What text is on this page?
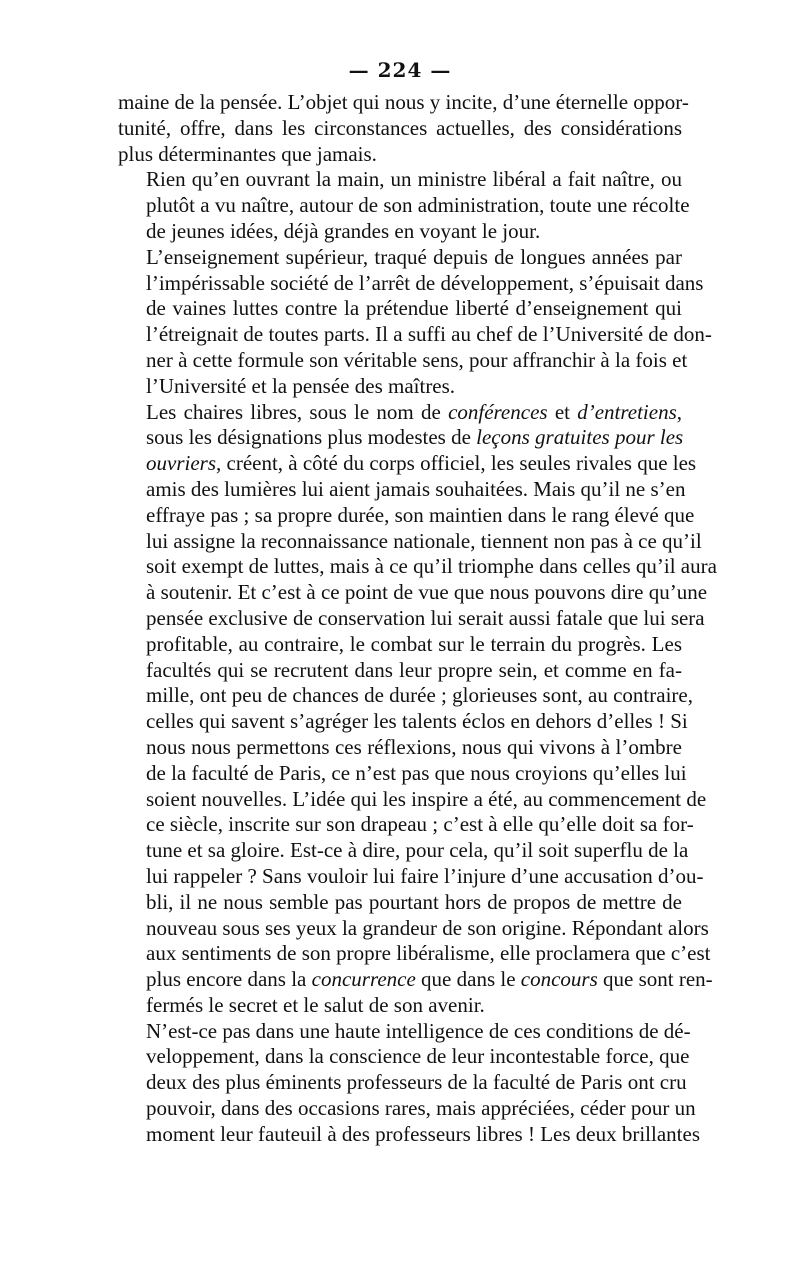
— 224 —

maine de la pensée. L’objet qui nous y incite, d’une éternelle oppor-
tunité, offre, dans les circonstances actuelles, des considérations
plus déterminantes que jamais.

Rien qu’en ouvrant la main, un ministre libéral a fait naître, ou
plutôt a vu naître, autour de son administration, toute une récolte
de jeunes idées, déjà grandes en voyant le jour.

L’enseignement supérieur, traqué depuis de longues années par
l’impérissable société de l’arrêt de développement, s’épuisait dans
de vaines luttes contre la prétendue liberté d’enseignement qui
l’étreignait de toutes parts. Il a suffi au chef de l’Université de don-
ner à cette formule son véritable sens, pour affranchir à la fois et
l’Université et la pensée des maîtres.

Les chaires libres, sous le nom de conférences et d’entretiens,
sous les désignations plus modestes de leçons gratuites pour les
ouvriers, créent, à côté du corps officiel, les seules rivales que les
amis des lumières lui aient jamais souhaitées. Mais qu’il ne s’en
effraye pas ; sa propre durée, son maintien dans le rang élevé que
lui assigne la reconnaissance nationale, tiennent non pas à ce qu’il
soit exempt de luttes, mais à ce qu’il triomphe dans celles qu’il aura
à soutenir. Et c’est à ce point de vue que nous pouvons dire qu’une
pensée exclusive de conservation lui serait aussi fatale que lui sera
profitable, au contraire, le combat sur le terrain du progrès. Les
facultés qui se recrutent dans leur propre sein, et comme en fa-
mille, ont peu de chances de durée ; glorieuses sont, au contraire,
celles qui savent s’agréger les talents éclos en dehors d’elles ! Si
nous nous permettons ces réflexions, nous qui vivons à l’ombre
de la faculté de Paris, ce n’est pas que nous croyions qu’elles lui
soient nouvelles. L’idée qui les inspire a été, au commencement de
ce siècle, inscrite sur son drapeau ; c’est à elle qu’elle doit sa for-
tune et sa gloire. Est-ce à dire, pour cela, qu’il soit superflu de la
lui rappeler ? Sans vouloir lui faire l’injure d’une accusation d’ou-
bli, il ne nous semble pas pourtant hors de propos de mettre de
nouveau sous ses yeux la grandeur de son origine. Répondant alors
aux sentiments de son propre libéralisme, elle proclamera que c’est
plus encore dans la concurrence que dans le concours que sont ren-
fermés le secret et le salut de son avenir.

N’est-ce pas dans une haute intelligence de ces conditions de dé-
veloppement, dans la conscience de leur incontestable force, que
deux des plus éminents professeurs de la faculté de Paris ont cru
pouvoir, dans des occasions rares, mais appréciées, céder pour un
moment leur fauteuil à des professeurs libres ! Les deux brillantes
